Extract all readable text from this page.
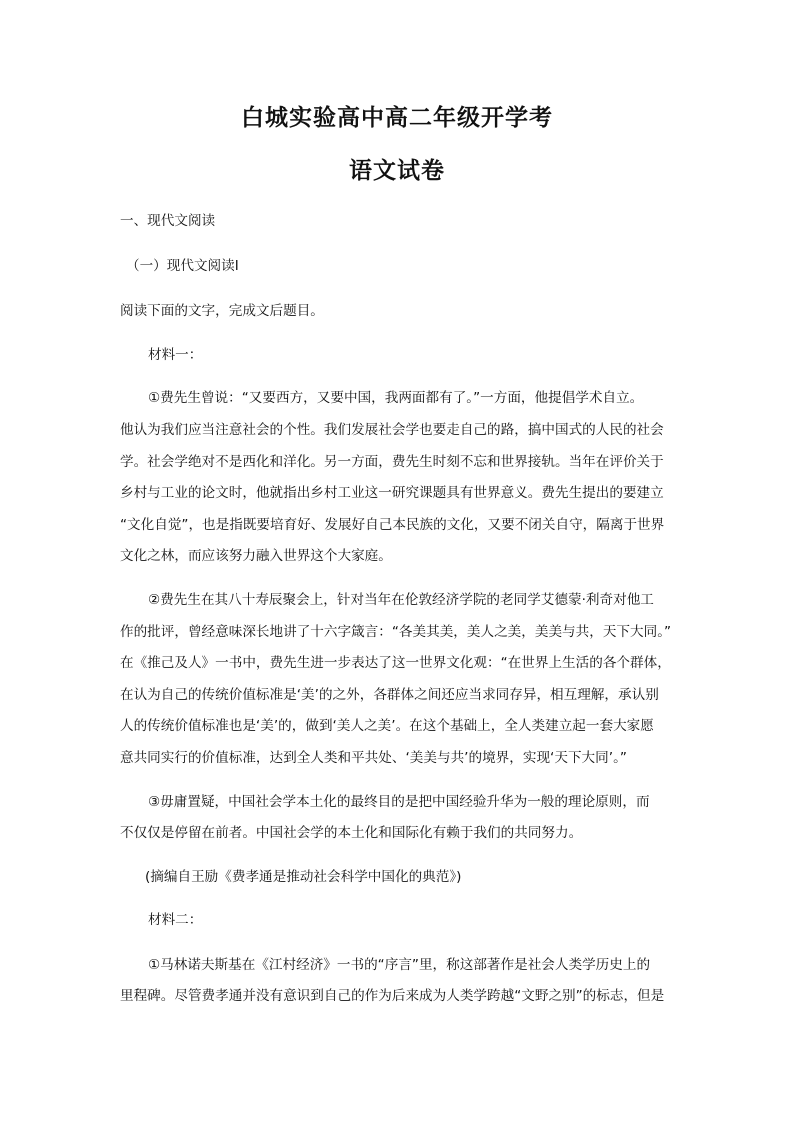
白城实验高中高二年级开学考
语文试卷
一、现代文阅读
（一）现代文阅读Ⅰ
阅读下面的文字，完成文后题目。
材料一：
①费先生曾说：“又要西方，又要中国，我两面都有了。”一方面，他提倡学术自立。
他认为我们应当注意社会的个性。我们发展社会学也要走自己的路，搞中国式的人民的社会
学。社会学绝对不是西化和洋化。另一方面，费先生时刻不忘和世界接轨。当年在评价关于
乡村与工业的论文时，他就指出乡村工业这一研究课题具有世界意义。费先生提出的要建立
“文化自觉”，也是指既要培育好、发展好自己本民族的文化，又要不闭关自守，隔离于世界
文化之林，而应该努力融入世界这个大家庭。
②费先生在其八十寿辰聚会上，针对当年在伦敦经济学院的老同学艾德蒙·利奇对他工
作的批评，曾经意味深长地讲了十六字箴言：“各美其美，美人之美，美美与共，天下大同。”
在《推己及人》一书中，费先生进一步表达了这一世界文化观：“在世界上生活的各个群体，
在认为自己的传统价值标准是‘美’的之外，各群体之间还应当求同存异，相互理解，承认别
人的传统价值标准也是‘美’的，做到‘美人之美’。在这个基础上，全人类建立起一套大家愿
意共同实行的价值标准，达到全人类和平共处、‘美美与共’的境界，实现‘天下大同’。”
③毋庸置疑，中国社会学本土化的最终目的是把中国经验升华为一般的理论原则，而
不仅仅是停留在前者。中国社会学的本土化和国际化有赖于我们的共同努力。
(摘编自王励《费孝通是推动社会科学中国化的典范》)
材料二：
①马林诺夫斯基在《江村经济》一书的“序言”里，称这部著作是社会人类学历史上的
里程碑。尽管费孝通并没有意识到自己的作为后来成为人类学跨越“文野之别”的标志，但是
